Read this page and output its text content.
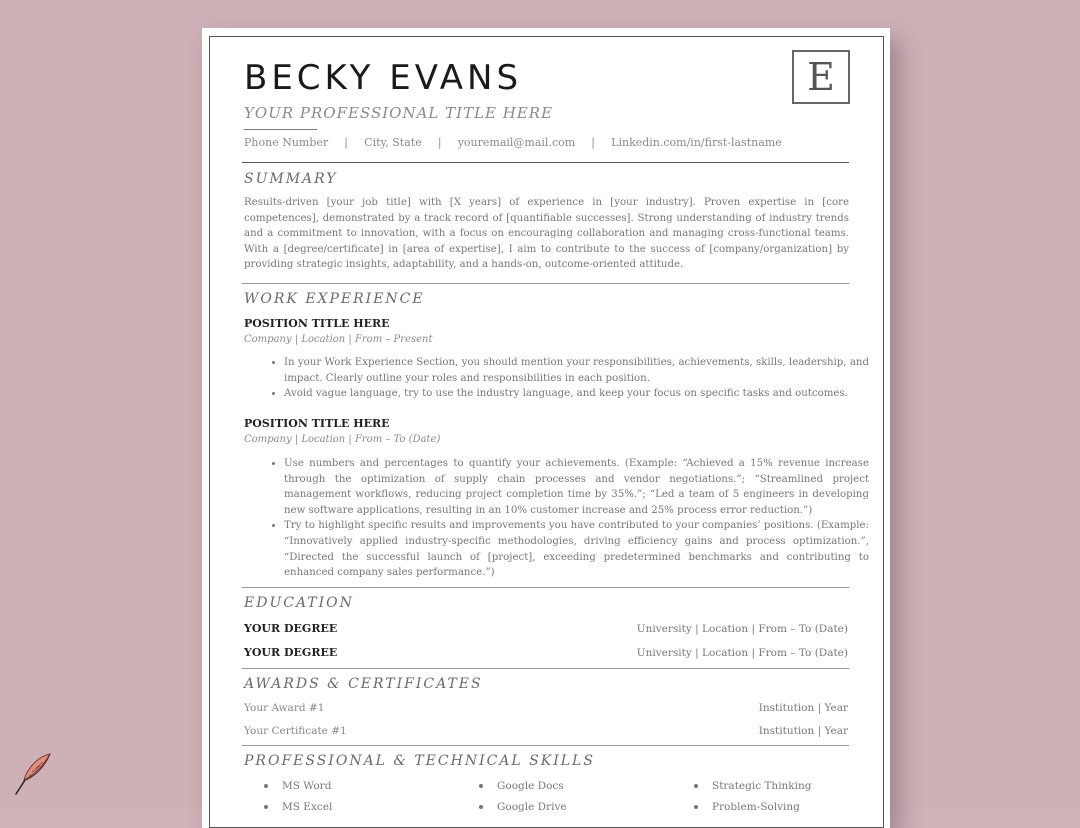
BECKY EVANS
YOUR PROFESSIONAL TITLE HERE
E
Phone Number | City, State | youremail@mail.com | Linkedin.com/in/first-lastname
SUMMARY
Results-driven [your job title] with [X years] of experience in [your industry]. Proven expertise in [core competences], demonstrated by a track record of [quantifiable successes]. Strong understanding of industry trends and a commitment to innovation, with a focus on encouraging collaboration and managing cross-functional teams. With a [degree/certificate] in [area of expertise], I aim to contribute to the success of [company/organization] by providing strategic insights, adaptability, and a hands-on, outcome-oriented attitude.
WORK EXPERIENCE
POSITION TITLE HERE
Company | Location | From – Present
• In your Work Experience Section, you should mention your responsibilities, achievements, skills, leadership, and impact. Clearly outline your roles and responsibilities in each position.
• Avoid vague language, try to use the industry language, and keep your focus on specific tasks and outcomes.
POSITION TITLE HERE
Company | Location | From – To (Date)
• Use numbers and percentages to quantify your achievements. (Example: “Achieved a 15% revenue increase through the optimization of supply chain processes and vendor negotiations.”; “Streamlined project management workflows, reducing project completion time by 35%.”; “Led a team of 5 engineers in developing new software applications, resulting in an 10% customer increase and 25% process error reduction.”)
• Try to highlight specific results and improvements you have contributed to your companies’ positions. (Example: “Innovatively applied industry-specific methodologies, driving efficiency gains and process optimization.”, “Directed the successful launch of [project], exceeding predetermined benchmarks and contributing to enhanced company sales performance.”)
EDUCATION
YOUR DEGREE	University | Location | From – To (Date)
YOUR DEGREE	University | Location | From – To (Date)
AWARDS & CERTIFICATES
Your Award #1	Institution | Year
Your Certificate #1	Institution | Year
PROFESSIONAL & TECHNICAL SKILLS
MS Word	Google Docs	Strategic Thinking
MS Excel	Google Drive	Problem-Solving
